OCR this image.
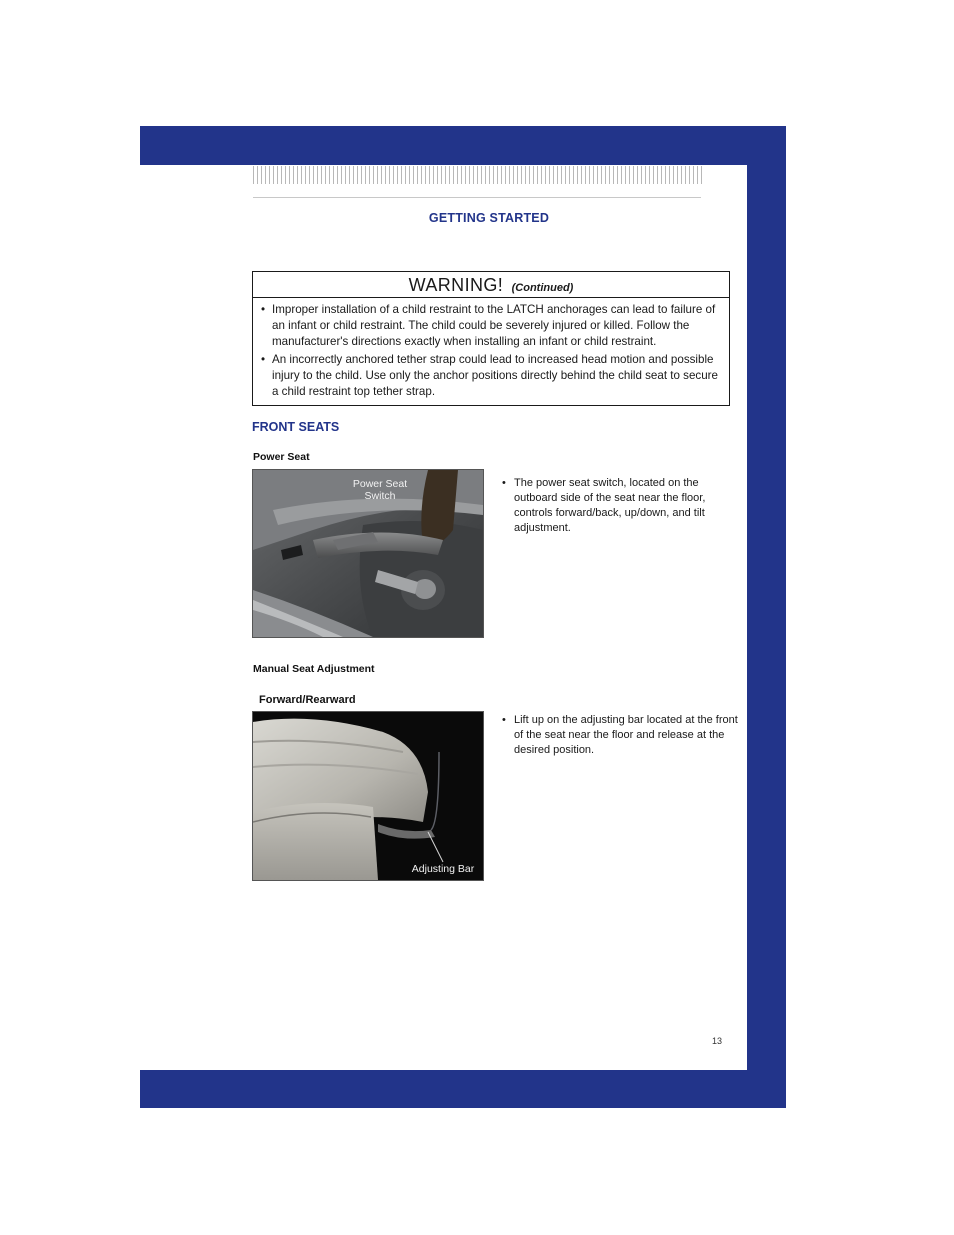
GETTING STARTED
WARNING! (Continued)
• Improper installation of a child restraint to the LATCH anchorages can lead to failure of an infant or child restraint. The child could be severely injured or killed. Follow the manufacturer's directions exactly when installing an infant or child restraint.
• An incorrectly anchored tether strap could lead to increased head motion and possible injury to the child. Use only the anchor positions directly behind the child seat to secure a child restraint top tether strap.
FRONT SEATS
Power Seat
Power Seat
Switch
• The power seat switch, located on the outboard side of the seat near the floor, controls forward/back, up/down, and tilt adjustment.
Manual Seat Adjustment
Forward/Rearward
Adjusting Bar
• Lift up on the adjusting bar located at the front of the seat near the floor and release at the desired position.
13
